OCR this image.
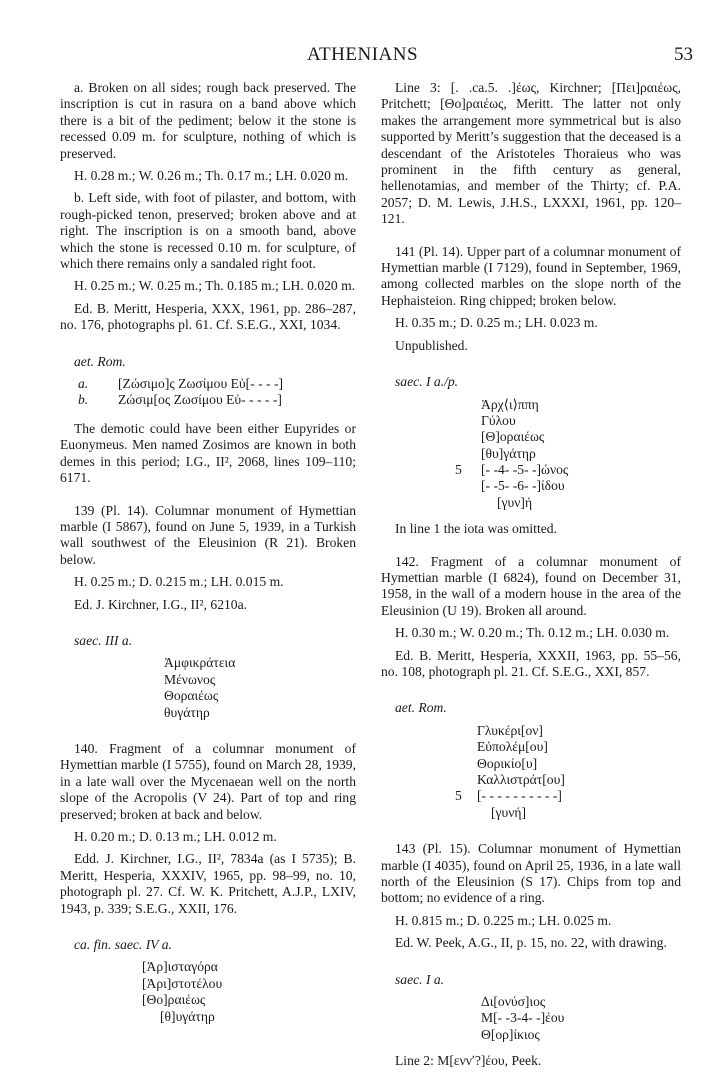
ATHENIANS	53

a. Broken on all sides; rough back preserved. The inscription is cut in rasura on a band above which there is a bit of the pediment; below it the stone is recessed 0.09 m. for sculpture, nothing of which is preserved.

H. 0.28 m.; W. 0.26 m.; Th. 0.17 m.; LH. 0.020 m.

b. Left side, with foot of pilaster, and bottom, with rough-picked tenon, preserved; broken above and at right. The inscription is on a smooth band, above which the stone is recessed 0.10 m. for sculpture, of which there remains only a sandaled right foot.

H. 0.25 m.; W. 0.25 m.; Th. 0.185 m.; LH. 0.020 m.

Ed. B. Meritt, Hesperia, XXX, 1961, pp. 286–287, no. 176, photographs pl. 61. Cf. S.E.G., XXI, 1034.

aet. Rom.
a. [Ζώσιμο]ς Ζωσίμου Εὐ[- - - -]
b. Ζώσιμ[ος Ζωσίμου Εὐ- - - - -]

The demotic could have been either Eupyrides or Euonymeus. Men named Zosimos are known in both demes in this period; I.G., II², 2068, lines 109–110; 6171.

139 (Pl. 14). Columnar monument of Hymettian marble (I 5867), found on June 5, 1939, in a Turkish wall southwest of the Eleusinion (R 21). Broken below.

H. 0.25 m.; D. 0.215 m.; LH. 0.015 m.

Ed. J. Kirchner, I.G., II², 6210a.

saec. III a.
Ἀμφικράτεια
Μένωνος
Θοραιέως
θυγάτηρ

140. Fragment of a columnar monument of Hymettian marble (I 5755), found on March 28, 1939, in a late wall over the Mycenaean well on the north slope of the Acropolis (V 24). Part of top and ring preserved; broken at back and below.

H. 0.20 m.; D. 0.13 m.; LH. 0.012 m.

Edd. J. Kirchner, I.G., II², 7834a (as I 5735); B. Meritt, Hesperia, XXXIV, 1965, pp. 98–99, no. 10, photograph pl. 27. Cf. W. K. Pritchett, A.J.P., LXIV, 1943, p. 339; S.E.G., XXII, 176.

ca. fin. saec. IV a.
[Ἀρ]ισταγόρα
[Ἀρι]στοτέλου
[Θο]ραιέως
[θ]υγάτηρ

Line 3: [. .ca.5. .]έως, Kirchner; [Πει]ραιέως, Pritchett; [Θο]ραιέως, Meritt. The latter not only makes the arrangement more symmetrical but is also supported by Meritt’s suggestion that the deceased is a descendant of the Aristoteles Thoraieus who was prominent in the fifth century as general, hellenotamias, and member of the Thirty; cf. P.A. 2057; D. M. Lewis, J.H.S., LXXXI, 1961, pp. 120–121.

141 (Pl. 14). Upper part of a columnar monument of Hymettian marble (I 7129), found in September, 1969, among collected marbles on the slope north of the Hephaisteion. Ring chipped; broken below.

H. 0.35 m.; D. 0.25 m.; LH. 0.023 m.

Unpublished.

saec. I a./p.
Ἀρχ⟨ι⟩ππη
Γύλου
[Θ]οραιέως
[θυ]γάτηρ
5 [- -4- -5- -]ώνος
[- -5- -6- -]ίδου
[γυν]ή

In line 1 the iota was omitted.

142. Fragment of a columnar monument of Hymettian marble (I 6824), found on December 31, 1958, in the wall of a modern house in the area of the Eleusinion (U 19). Broken all around.

H. 0.30 m.; W. 0.20 m.; Th. 0.12 m.; LH. 0.030 m.

Ed. B. Meritt, Hesperia, XXXII, 1963, pp. 55–56, no. 108, photograph pl. 21. Cf. S.E.G., XXI, 857.

aet. Rom.
Γλυκέρι[ον]
Εὐπολέμ[ου]
Θορικίο[υ]
Καλλιστράτ[ου]
5 [- - - - - - - - - -]
[γυνή]

143 (Pl. 15). Columnar monument of Hymettian marble (I 4035), found on April 25, 1936, in a late wall north of the Eleusinion (S 17). Chips from top and bottom; no evidence of a ring.

H. 0.815 m.; D. 0.225 m.; LH. 0.025 m.

Ed. W. Peek, A.G., II, p. 15, no. 22, with drawing.

saec. I a.
Δι[ονύσ]ιος
Μ[- -3-4- -]έου
Θ[ορ]ίκιος

Line 2: Μ[εννʹ?]έου, Peek.
